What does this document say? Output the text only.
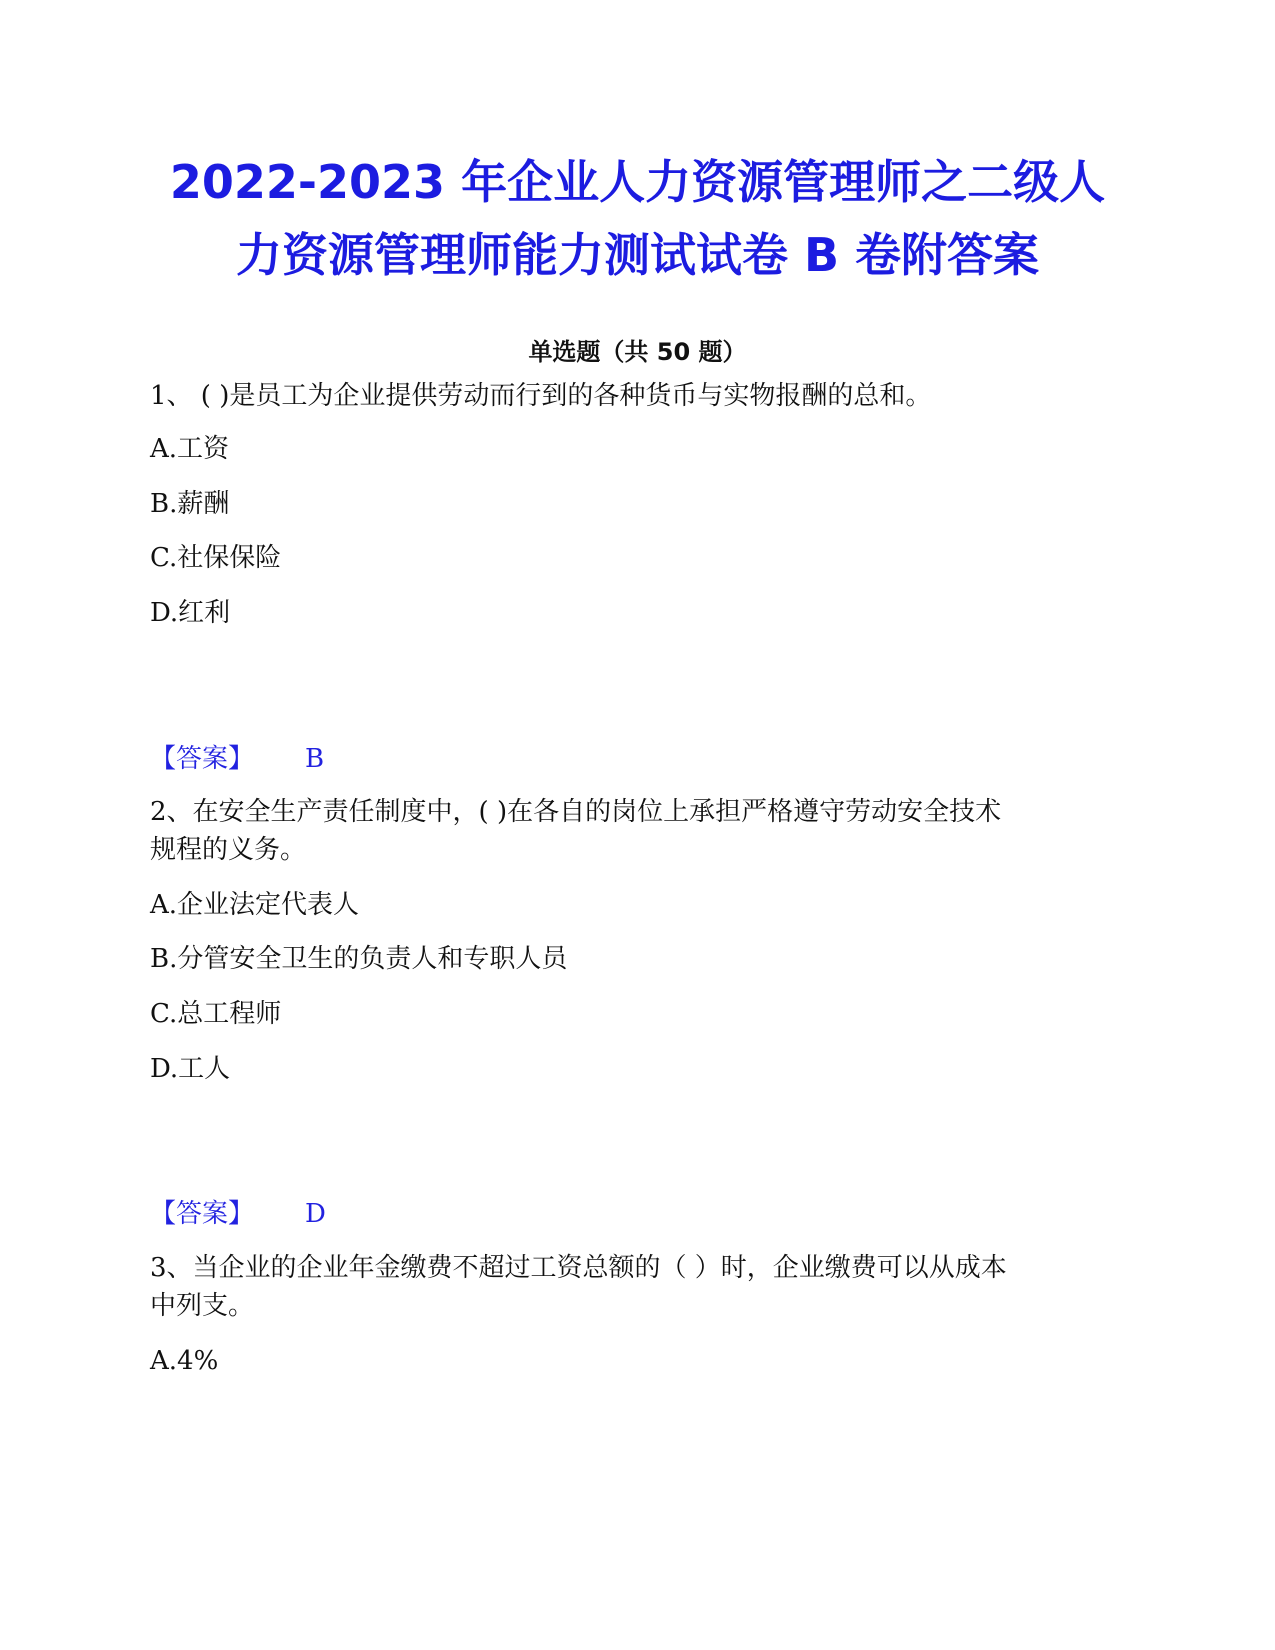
2022-2023 年企业人力资源管理师之二级人
力资源管理师能力测试试卷 B 卷附答案
单选题（共 50 题）
1、 ( )是员工为企业提供劳动而行到的各种货币与实物报酬的总和。
A.工资
B.薪酬
C.社保保险
D.红利
【答案】 B
2、在安全生产责任制度中，( )在各自的岗位上承担严格遵守劳动安全技术
规程的义务。
A.企业法定代表人
B.分管安全卫生的负责人和专职人员
C.总工程师
D.工人
【答案】 D
3、当企业的企业年金缴费不超过工资总额的（ ）时，企业缴费可以从成本
中列支。
A.4%
